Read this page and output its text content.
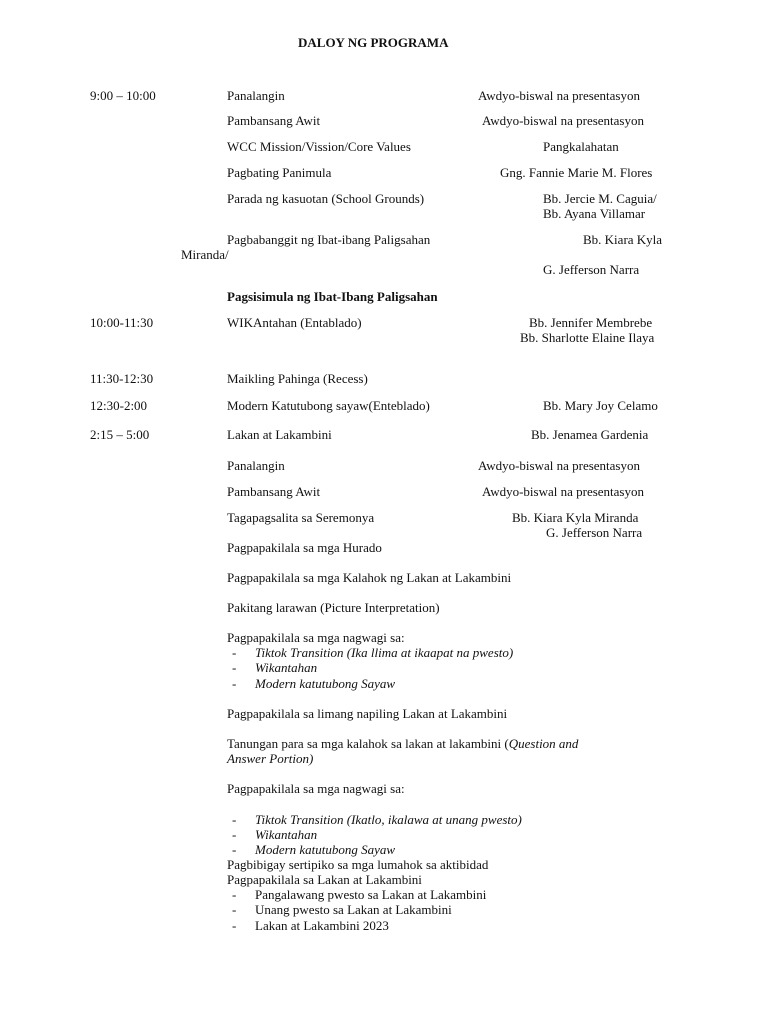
DALOY NG PROGRAMA
9:00 – 10:00	Panalangin	Awdyo-biswal na presentasyon
Pambansang Awit	Awdyo-biswal na presentasyon
WCC Mission/Vission/Core Values	Pangkalahatan
Pagbating Panimula	Gng. Fannie Marie M. Flores
Parada ng kasuotan (School Grounds)	Bb. Jercie M. Caguia/
Bb. Ayana Villamar
Pagbabanggit ng Ibat-ibang Paligsahan	Bb. Kiara Kyla
Miranda/
G. Jefferson Narra
Pagsisimula ng Ibat-Ibang Paligsahan
10:00-11:30	WIKAntahan (Entablado)	Bb. Jennifer Membrebe
Bb. Sharlotte Elaine Ilaya
11:30-12:30	Maikling Pahinga (Recess)
12:30-2:00	Modern Katutubong sayaw(Enteblado)	Bb. Mary Joy Celamo
2:15 – 5:00	Lakan at Lakambini	Bb. Jenamea Gardenia
Panalangin	Awdyo-biswal na presentasyon
Pambansang Awit	Awdyo-biswal na presentasyon
Tagapagsalita sa Seremonya	Bb. Kiara Kyla Miranda
G. Jefferson Narra
Pagpapakilala sa mga Hurado
Pagpapakilala sa mga Kalahok ng Lakan at Lakambini
Pakitang larawan (Picture Interpretation)
Pagpapakilala sa mga nagwagi sa:
- Tiktok Transition (Ika llima at ikaapat na pwesto)
- Wikantahan
- Modern katutubong Sayaw
Pagpapakilala sa limang napiling Lakan at Lakambini
Tanungan para sa mga kalahok sa lakan at lakambini (Question and
Answer Portion)
Pagpapakilala sa mga nagwagi sa:
- Tiktok Transition (Ikatlo, ikalawa at unang pwesto)
- Wikantahan
- Modern katutubong Sayaw
Pagbibigay sertipiko sa mga lumahok sa aktibidad
Pagpapakilala sa Lakan at Lakambini
- Pangalawang pwesto sa Lakan at Lakambini
- Unang pwesto sa Lakan at Lakambini
- Lakan at Lakambini 2023
